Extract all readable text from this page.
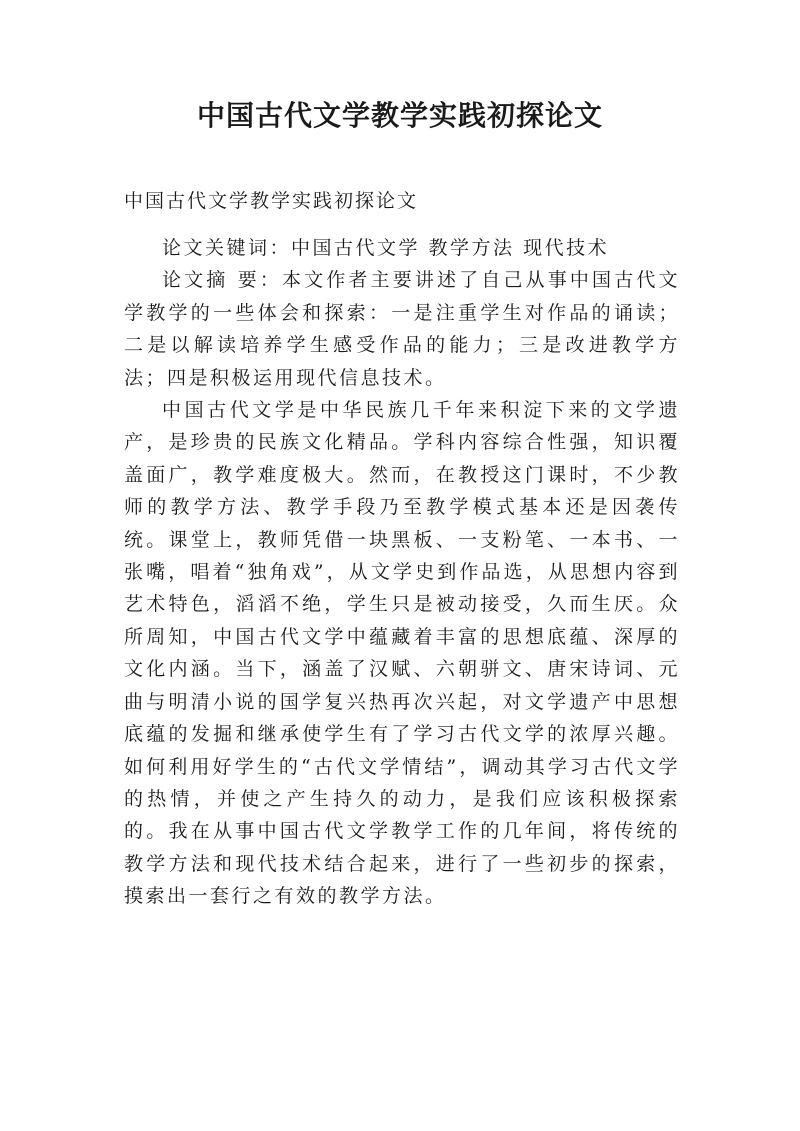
中国古代文学教学实践初探论文
中国古代文学教学实践初探论文

论文关键词：中国古代文学 教学方法 现代技术

论文摘 要：本文作者主要讲述了自己从事中国古代文学教学的一些体会和探索：一是注重学生对作品的诵读；二是以解读培养学生感受作品的能力；三是改进教学方法；四是积极运用现代信息技术。

中国古代文学是中华民族几千年来积淀下来的文学遗产，是珍贵的民族文化精品。学科内容综合性强，知识覆盖面广，教学难度极大。然而，在教授这门课时，不少教师的教学方法、教学手段乃至教学模式基本还是因袭传统。课堂上，教师凭借一块黑板、一支粉笔、一本书、一张嘴，唱着“独角戏”，从文学史到作品选，从思想内容到艺术特色，滔滔不绝，学生只是被动接受，久而生厌。众所周知，中国古代文学中蕴藏着丰富的思想底蕴、深厚的文化内涵。当下，涵盖了汉赋、六朝骈文、唐宋诗词、元曲与明清小说的国学复兴热再次兴起，对文学遗产中思想底蕴的发掘和继承使学生有了学习古代文学的浓厚兴趣。如何利用好学生的“古代文学情结”，调动其学习古代文学的热情，并使之产生持久的动力，是我们应该积极探索的。我在从事中国古代文学教学工作的几年间，将传统的教学方法和现代技术结合起来，进行了一些初步的探索，摸索出一套行之有效的教学方法。
